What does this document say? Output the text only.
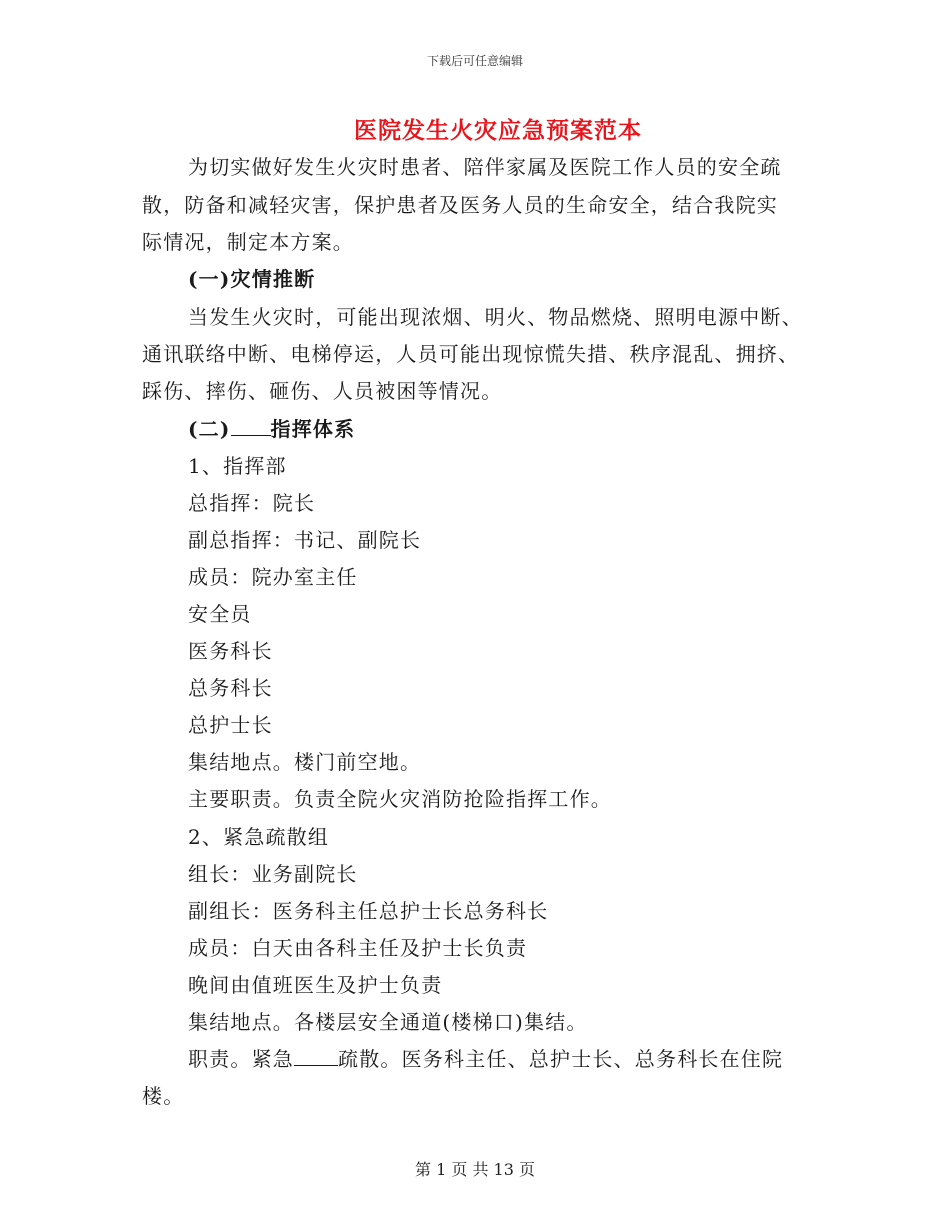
下载后可任意编辑
医院发生火灾应急预案范本
为切实做好发生火灾时患者、陪伴家属及医院工作人员的安全疏
散，防备和减轻灾害，保护患者及医务人员的生命安全，结合我院实
际情况，制定本方案。
(一)灾情推断
当发生火灾时，可能出现浓烟、明火、物品燃烧、照明电源中断、
通讯联络中断、电梯停运，人员可能出现惊慌失措、秩序混乱、拥挤、
踩伤、摔伤、砸伤、人员被困等情况。
(二) 指挥体系
1、指挥部
总指挥：院长
副总指挥：书记、副院长
成员：院办室主任
安全员
医务科长
总务科长
总护士长
集结地点。楼门前空地。
主要职责。负责全院火灾消防抢险指挥工作。
2、紧急疏散组
组长：业务副院长
副组长：医务科主任总护士长总务科长
成员：白天由各科主任及护士长负责
晚间由值班医生及护士负责
集结地点。各楼层安全通道(楼梯口)集结。
职责。紧急 疏散。医务科主任、总护士长、总务科长在住院
楼。
第 1 页 共 13 页
